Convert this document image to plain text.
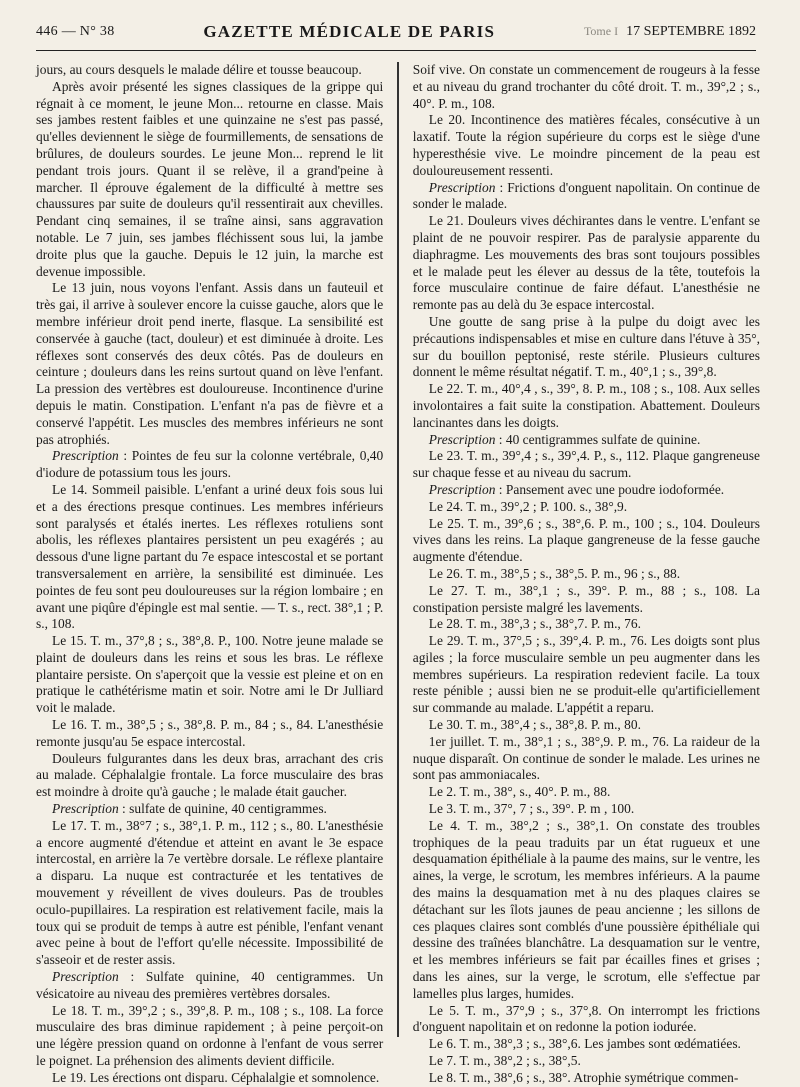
446 — N° 38	GAZETTE MÉDICALE DE PARIS	Tome I 17 SEPTEMBRE 1892

jours, au cours desquels le malade délire et tousse beaucoup.

Après avoir présenté les signes classiques de la grippe qui régnait à ce moment, le jeune Mon... retourne en classe. Mais ses jambes restent faibles et une quinzaine ne s'est pas passé, qu'elles deviennent le siège de fourmillements, de sensations de brûlures, de douleurs sourdes. Le jeune Mon... reprend le lit pendant trois jours. Quant il se relève, il a grand'peine à marcher. Il éprouve également de la difficulté à mettre ses chaussures par suite de douleurs qu'il ressentirait aux chevilles. Pendant cinq semaines, il se traîne ainsi, sans aggravation notable. Le 7 juin, ses jambes fléchissent sous lui, la jambe droite plus que la gauche. Depuis le 12 juin, la marche est devenue impossible.

Le 13 juin, nous voyons l'enfant. Assis dans un fauteuil et très gai, il arrive à soulever encore la cuisse gauche, alors que le membre inférieur droit pend inerte, flasque. La sensibilité est conservée à gauche (tact, douleur) et est diminuée à droite. Les réflexes sont conservés des deux côtés. Pas de douleurs en ceinture ; douleurs dans les reins surtout quand on lève l'enfant. La pression des vertèbres est douloureuse. Incontinence d'urine depuis le matin. Constipation. L'enfant n'a pas de fièvre et a conservé l'appétit. Les muscles des membres inférieurs ne sont pas atrophiés.

Prescription : Pointes de feu sur la colonne vertébrale, 0,40 d'iodure de potassium tous les jours.

Le 14. Sommeil paisible. L'enfant a uriné deux fois sous lui et a des érections presque continues. Les membres inférieurs sont paralysés et étalés inertes. Les réflexes rotuliens sont abolis, les réflexes plantaires persistent un peu exagérés ; au dessous d'une ligne partant du 7e espace intescostal et se portant transversalement en arrière, la sensibilité est diminuée. Les pointes de feu sont peu douloureuses sur la région lombaire ; en avant une piqûre d'épingle est mal sentie. — T. s., rect. 38°,1 ; P. s., 108.

Le 15. T. m., 37°,8 ; s., 38°,8. P., 100. Notre jeune malade se plaint de douleurs dans les reins et sous les bras. Le réflexe plantaire persiste. On s'aperçoit que la vessie est pleine et on en pratique le cathétérisme matin et soir. Notre ami le Dr Julliard voit le malade.

Le 16. T. m., 38°,5 ; s., 38°,8. P. m., 84 ; s., 84. L'anesthésie remonte jusqu'au 5e espace intercostal.

Douleurs fulgurantes dans les deux bras, arrachant des cris au malade. Céphalalgie frontale. La force musculaire des bras est moindre à droite qu'à gauche ; le malade était gaucher.

Prescription : sulfate de quinine, 40 centigrammes.

Le 17. T. m., 38°7 ; s., 38°,1. P. m., 112 ; s., 80. L'anesthésie a encore augmenté d'étendue et atteint en avant le 3e espace intercostal, en arrière la 7e vertèbre dorsale. Le réflexe plantaire a disparu. La nuque est contracturée et les tentatives de mouvement y réveillent de vives douleurs. Pas de troubles oculo-pupillaires. La respiration est relativement facile, mais la toux qui se produit de temps à autre est pénible, l'enfant venant avec peine à bout de l'effort qu'elle nécessite. Impossibilité de s'asseoir et de rester assis.

Prescription : Sulfate quinine, 40 centigrammes. Un vésicatoire au niveau des premières vertèbres dorsales.

Le 18. T. m., 39°,2 ; s., 39°,8. P. m., 108 ; s., 108. La force musculaire des bras diminue rapidement ; à peine perçoit-on une légère pression quand on ordonne à l'enfant de vous serrer le poignet. La préhension des aliments devient difficile.

Le 19. Les érections ont disparu. Céphalalgie et somnolence.

Soif vive. On constate un commencement de rougeurs à la fesse et au niveau du grand trochanter du côté droit. T. m., 39°,2 ; s., 40°. P. m., 108.

Le 20. Incontinence des matières fécales, consécutive à un laxatif. Toute la région supérieure du corps est le siège d'une hyperesthésie vive. Le moindre pincement de la peau est douloureusement ressenti.

Prescription : Frictions d'onguent napolitain. On continue de sonder le malade.

Le 21. Douleurs vives déchirantes dans le ventre. L'enfant se plaint de ne pouvoir respirer. Pas de paralysie apparente du diaphragme. Les mouvements des bras sont toujours possibles et le malade peut les élever au dessus de la tête, toutefois la force musculaire continue de faire défaut. L'anesthésie ne remonte pas au delà du 3e espace intercostal.

Une goutte de sang prise à la pulpe du doigt avec les précautions indispensables et mise en culture dans l'étuve à 35°, sur du bouillon peptonisé, reste stérile. Plusieurs cultures donnent le même résultat négatif. T. m., 40°,1 ; s., 39°,8.

Le 22. T. m., 40°,4 , s., 39°, 8. P. m., 108 ; s., 108. Aux selles involontaires a fait suite la constipation. Abattement. Douleurs lancinantes dans les doigts.

Prescription : 40 centigrammes sulfate de quinine.

Le 23. T. m., 39°,4 ; s., 39°,4. P., s., 112. Plaque gangreneuse sur chaque fesse et au niveau du sacrum.

Prescription : Pansement avec une poudre iodoformée.

Le 24. T. m., 39°,2 ; P. 100. s., 38°,9.

Le 25. T. m., 39°,6 ; s., 38°,6. P. m., 100 ; s., 104. Douleurs vives dans les reins. La plaque gangreneuse de la fesse gauche augmente d'étendue.

Le 26. T. m., 38°,5 ; s., 38°,5. P. m., 96 ; s., 88.

Le 27. T. m., 38°,1 ; s., 39°. P. m., 88 ; s., 108. La constipation persiste malgré les lavements.

Le 28. T. m., 38°,3 ; s., 38°,7. P. m., 76.

Le 29. T. m., 37°,5 ; s., 39°,4. P. m., 76. Les doigts sont plus agiles ; la force musculaire semble un peu augmenter dans les membres supérieurs. La respiration redevient facile. La toux reste pénible ; aussi bien ne se produit-elle qu'artificiellement sur commande au malade. L'appétit a reparu.

Le 30. T. m., 38°,4 ; s., 38°,8. P. m., 80.

1er juillet. T. m., 38°,1 ; s., 38°,9. P. m., 76. La raideur de la nuque disparaît. On continue de sonder le malade. Les urines ne sont pas ammoniacales.

Le 2. T. m., 38°, s., 40°. P. m., 88.

Le 3. T. m., 37°, 7 ; s., 39°. P. m , 100.

Le 4. T. m., 38°,2 ; s., 38°,1. On constate des troubles trophiques de la peau traduits par un état rugueux et une desquamation épithéliale à la paume des mains, sur le ventre, les aines, la verge, le scrotum, les membres inférieurs. A la paume des mains la desquamation met à nu des plaques claires se détachant sur les îlots jaunes de peau ancienne ; les sillons de ces plaques claires sont comblés d'une poussière épithéliale qui dessine des traînées blanchâtre. La desquamation sur le ventre, et les membres inférieurs se fait par écailles fines et grises ; dans les aines, sur la verge, le scrotum, elle s'effectue par lamelles plus larges, humides.

Le 5. T. m., 37°,9 ; s., 37°,8. On interrompt les frictions d'onguent napolitain et on redonne la potion iodurée.

Le 6. T. m., 38°,3 ; s., 38°,6. Les jambes sont œdématiées.

Le 7. T. m., 38°,2 ; s., 38°,5.

Le 8. T. m., 38°,6 ; s., 38°. Atrophie symétrique commen-
